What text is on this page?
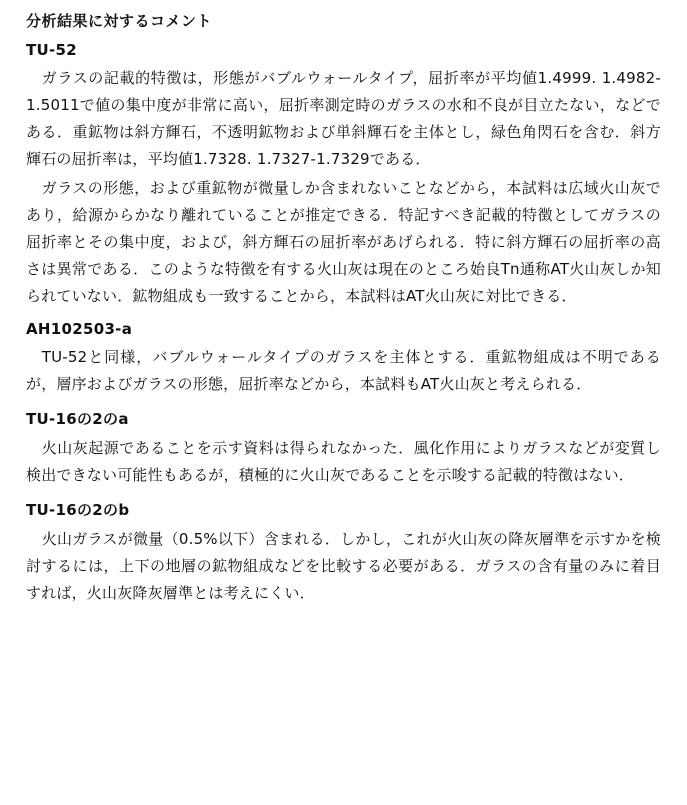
分析結果に対するコメント
TU-52

ガラスの記載的特徴は，形態がバブルウォールタイプ，屈折率が平均値1.4999. 1.4982-1.5011で値の集中度が非常に高い，屈折率測定時のガラスの水和不良が目立たない，などである．重鉱物は斜方輝石，不透明鉱物および単斜輝石を主体とし，緑色角閃石を含む．斜方輝石の屈折率は，平均値1.7328. 1.7327-1.7329である．

ガラスの形態，および重鉱物が微量しか含まれないことなどから，本試料は広域火山灰であり，給源からかなり離れていることが推定できる．特記すべき記載的特徴としてガラスの屈折率とその集中度，および，斜方輝石の屈折率があげられる．特に斜方輝石の屈折率の高さは異常である．このような特徴を有する火山灰は現在のところ始良Tn通称AT火山灰しか知られていない．鉱物組成も一致することから，本試料はAT火山灰に対比できる．

AH102503-a

TU-52と同様，バブルウォールタイプのガラスを主体とする．重鉱物組成は不明であるが，層序およびガラスの形態，屈折率などから，本試料もAT火山灰と考えられる．

TU-16の2のa

火山灰起源であることを示す資料は得られなかった．風化作用によりガラスなどが変質し検出できない可能性もあるが，積極的に火山灰であることを示唆する記載的特徴はない．

TU-16の2のb

火山ガラスが微量（0.5%以下）含まれる．しかし，これが火山灰の降灰層準を示すかを検討するには，上下の地層の鉱物組成などを比較する必要がある．ガラスの含有量のみに着目すれば，火山灰降灰層準とは考えにくい．
